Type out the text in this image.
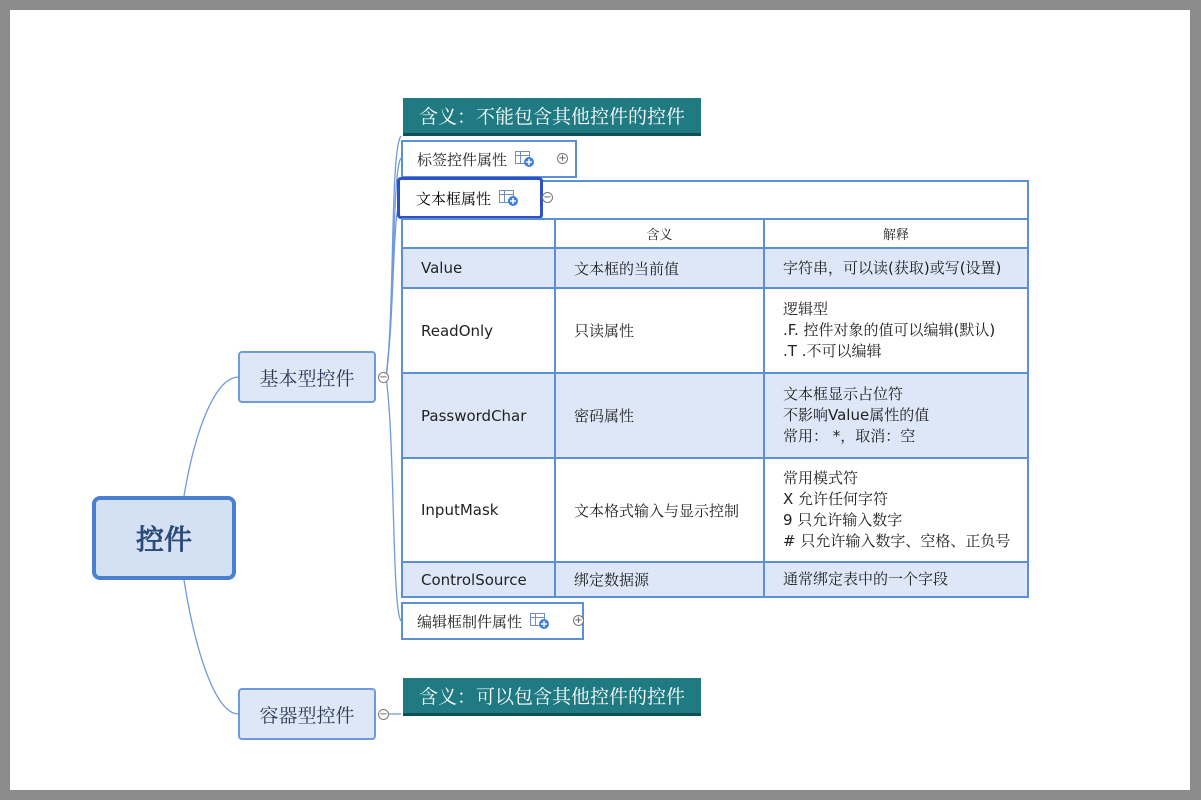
控件
基本型控件 −
容器型控件 −
含义：不能包含其他控件的控件
标签控件属性	+
文本框属性	−
	含义	解释
Value	文本框的当前值	字符串，可以读(获取)或写(设置)

ReadOnly	只读属性	逻辑型
.F. 控件对象的值可以编辑(默认)
.T .不可以编辑

PasswordChar	密码属性	文本框显示占位符
不影响Value属性的值
常用： *，取消：空

InputMask	文本格式输入与显示控制	常用模式符
X 允许任何字符
9 只允许输入数字
# 只允许输入数字、空格、正负号

ControlSource	绑定数据源	通常绑定表中的一个字段
编辑框制件属性	+
含义：可以包含其他控件的控件
